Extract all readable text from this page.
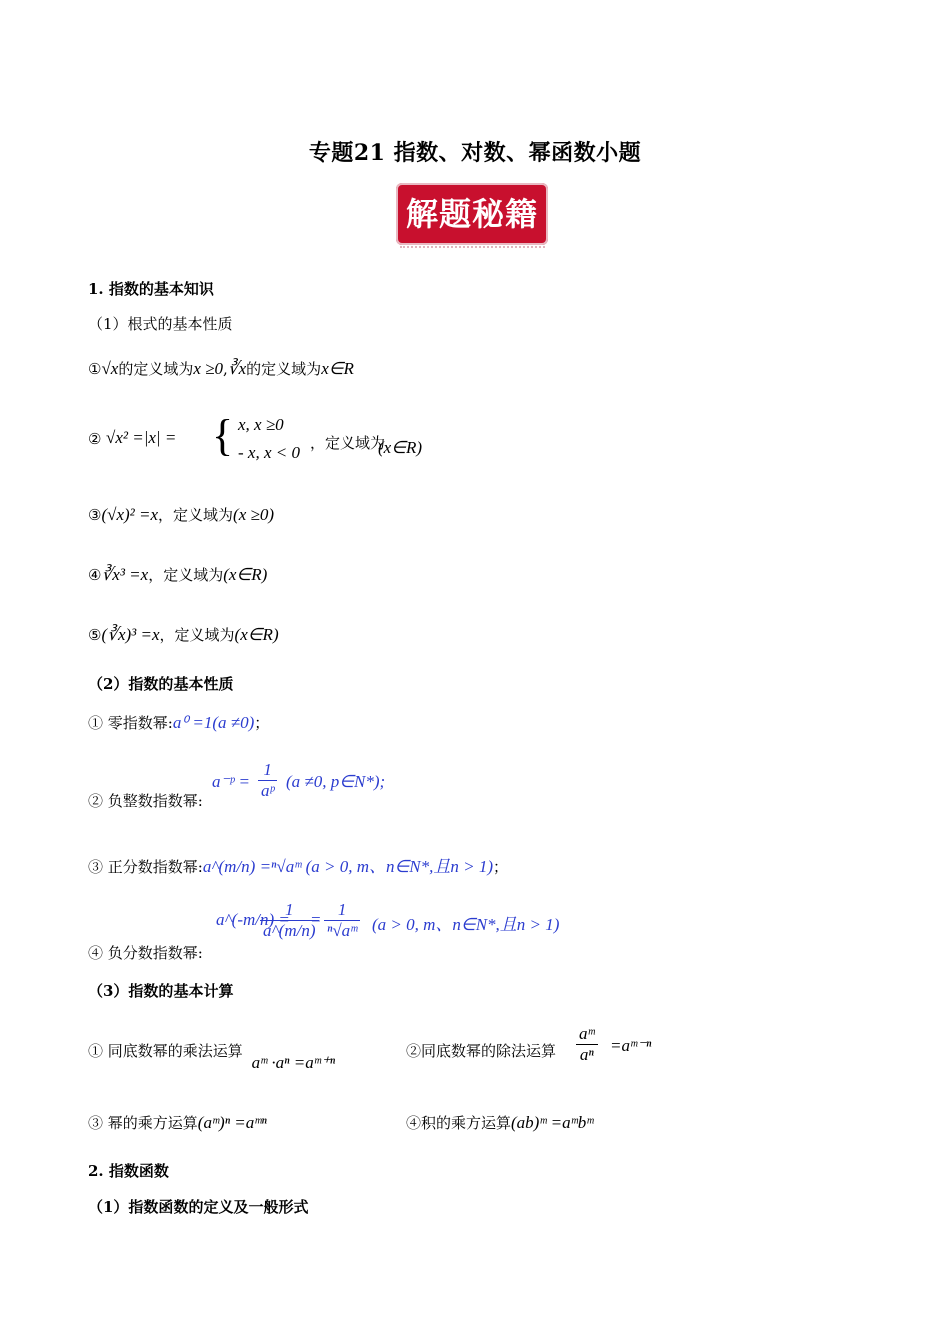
专题21 指数、对数、幂函数小题
解题秘籍
1. 指数的基本知识
（1）根式的基本性质
①√x的定义域为x ≥0,∛x的定义域为x∈R
② √x² =|x| = { x, x ≥0
- x, x < 0 ，定义域为
(x∈R)
③(√x)² =x，定义域为(x ≥0)
④∛x³ =x，定义域为(x∈R)
⑤(∛x)³ =x，定义域为(x∈R)
（2）指数的基本性质
① 零指数幂:a⁰ =1(a ≠0)；
② 负整数指数幂:
a⁻ᵖ = $\frac{1}{\text{aᵖ}} (a \ne 0$, p∈N*);
③ 正分数指数幂:a^(m/n) =ⁿ√aᵐ (a > 0, m、n∈N*,且n > 1)；
④ 负分数指数幂:
a^(-m/n) =
$\frac{1}{a\^{}(m/n)}$
= $\frac{1}{\text{ⁿ√aᵐ}} (a > 0$, m、n∈N*,且n > 1)
（3）指数的基本计算
① 同底数幂的乘法运算 aᵐ ·aⁿ =aᵐ⁺ⁿ
②同底数幂的除法运算 $\frac{\text{aᵐ}}{\text{aⁿ}}$ =aᵐ⁻ⁿ
③ 幂的乘方运算(aᵐ)ⁿ =aᵐⁿ	④积的乘方运算(ab)ᵐ =aᵐbᵐ
2. 指数函数
（1）指数函数的定义及一般形式
